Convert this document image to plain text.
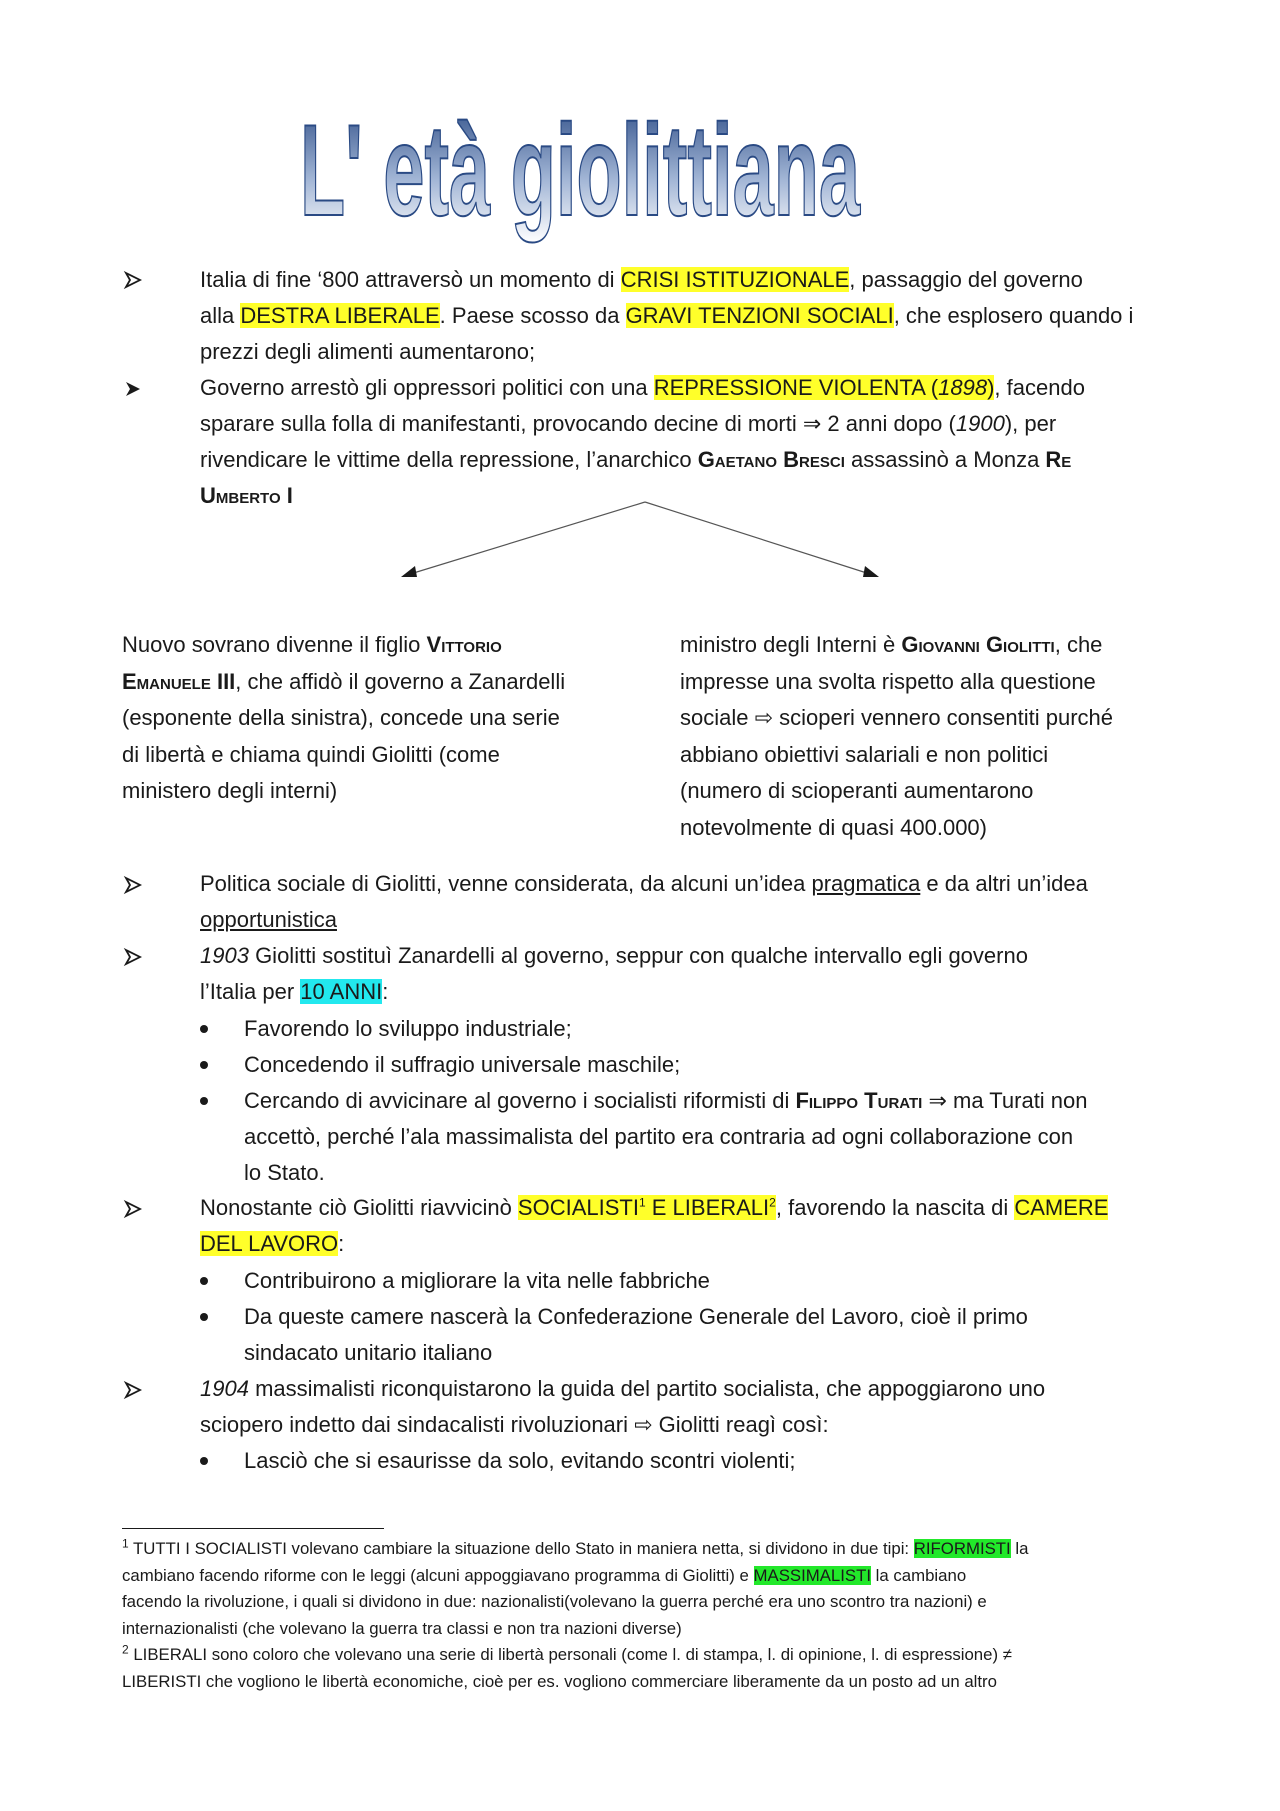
L' età giolittiana
Italia di fine ‘800 attraversò un momento di CRISI ISTITUZIONALE, passaggio del governo
alla DESTRA LIBERALE. Paese scosso da GRAVI TENZIONI SOCIALI, che esplosero quando i
prezzi degli alimenti aumentarono;
Governo arrestò gli oppressori politici con una REPRESSIONE VIOLENTA (1898), facendo
sparare sulla folla di manifestanti, provocando decine di morti ⇒ 2 anni dopo (1900), per
rivendicare le vittime della repressione, l’anarchico Gaetano Bresci assassinò a Monza Re
Umberto I
Nuovo sovrano divenne il figlio Vittorio
Emanuele III, che affidò il governo a Zanardelli
(esponente della sinistra), concede una serie
di libertà e chiama quindi Giolitti (come
ministero degli interni)
ministro degli Interni è Giovanni Giolitti, che
impresse una svolta rispetto alla questione
sociale ⇨ scioperi vennero consentiti purché
abbiano obiettivi salariali e non politici
(numero di scioperanti aumentarono
notevolmente di quasi 400.000)
Politica sociale di Giolitti, venne considerata, da alcuni un’idea pragmatica e da altri un’idea
opportunistica
1903 Giolitti sostituì Zanardelli al governo, seppur con qualche intervallo egli governo
l’Italia per 10 ANNI:
Favorendo lo sviluppo industriale;
Concedendo il suffragio universale maschile;
Cercando di avvicinare al governo i socialisti riformisti di Filippo Turati ⇒ ma Turati non
accettò, perché l’ala massimalista del partito era contraria ad ogni collaborazione con
lo Stato.
Nonostante ciò Giolitti riavvicinò SOCIALISTI$^1$ E LIBERALI$^2$, favorendo la nascita di CAMERE
DEL LAVORO:
Contribuirono a migliorare la vita nelle fabbriche
Da queste camere nascerà la Confederazione Generale del Lavoro, cioè il primo
sindacato unitario italiano
1904 massimalisti riconquistarono la guida del partito socialista, che appoggiarono uno
sciopero indetto dai sindacalisti rivoluzionari ⇨ Giolitti reagì così:
Lasciò che si esaurisse da solo, evitando scontri violenti;
$^1$ TUTTI I SOCIALISTI volevano cambiare la situazione dello Stato in maniera netta, si dividono in due tipi: RIFORMISTI la
cambiano facendo riforme con le leggi (alcuni appoggiavano programma di Giolitti) e MASSIMALISTI la cambiano
facendo la rivoluzione, i quali si dividono in due: nazionalisti(volevano la guerra perché era uno scontro tra nazioni) e
internazionalisti (che volevano la guerra tra classi e non tra nazioni diverse)
$^2$ LIBERALI sono coloro che volevano una serie di libertà personali (come l. di stampa, l. di opinione, l. di espressione) ≠
LIBERISTI che vogliono le libertà economiche, cioè per es. vogliono commerciare liberamente da un posto ad un altro
